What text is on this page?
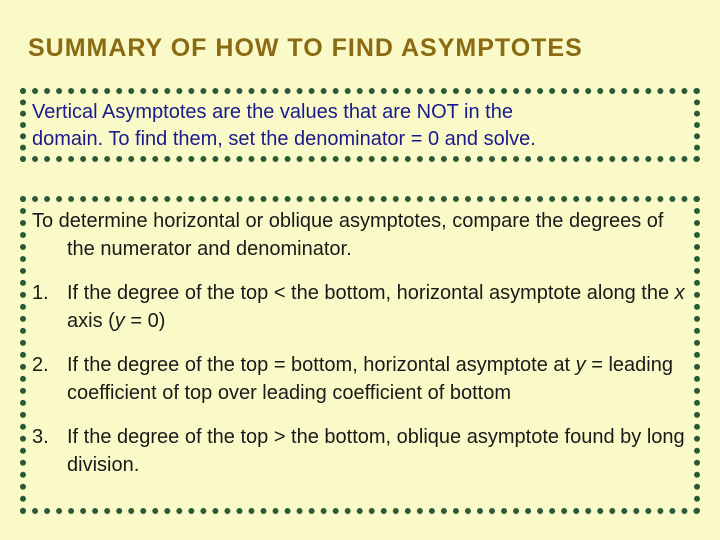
SUMMARY OF HOW TO FIND ASYMPTOTES
Vertical Asymptotes are the values that are NOT in the
domain. To find them, set the denominator = 0 and solve.
To determine horizontal or oblique asymptotes, compare the degrees of the numerator and denominator.
1. If the degree of the top < the bottom, horizontal asymptote along the x axis (y = 0)
2. If the degree of the top = bottom, horizontal asymptote at y = leading coefficient of top over leading coefficient of bottom
3. If the degree of the top > the bottom, oblique asymptote found by long division.
